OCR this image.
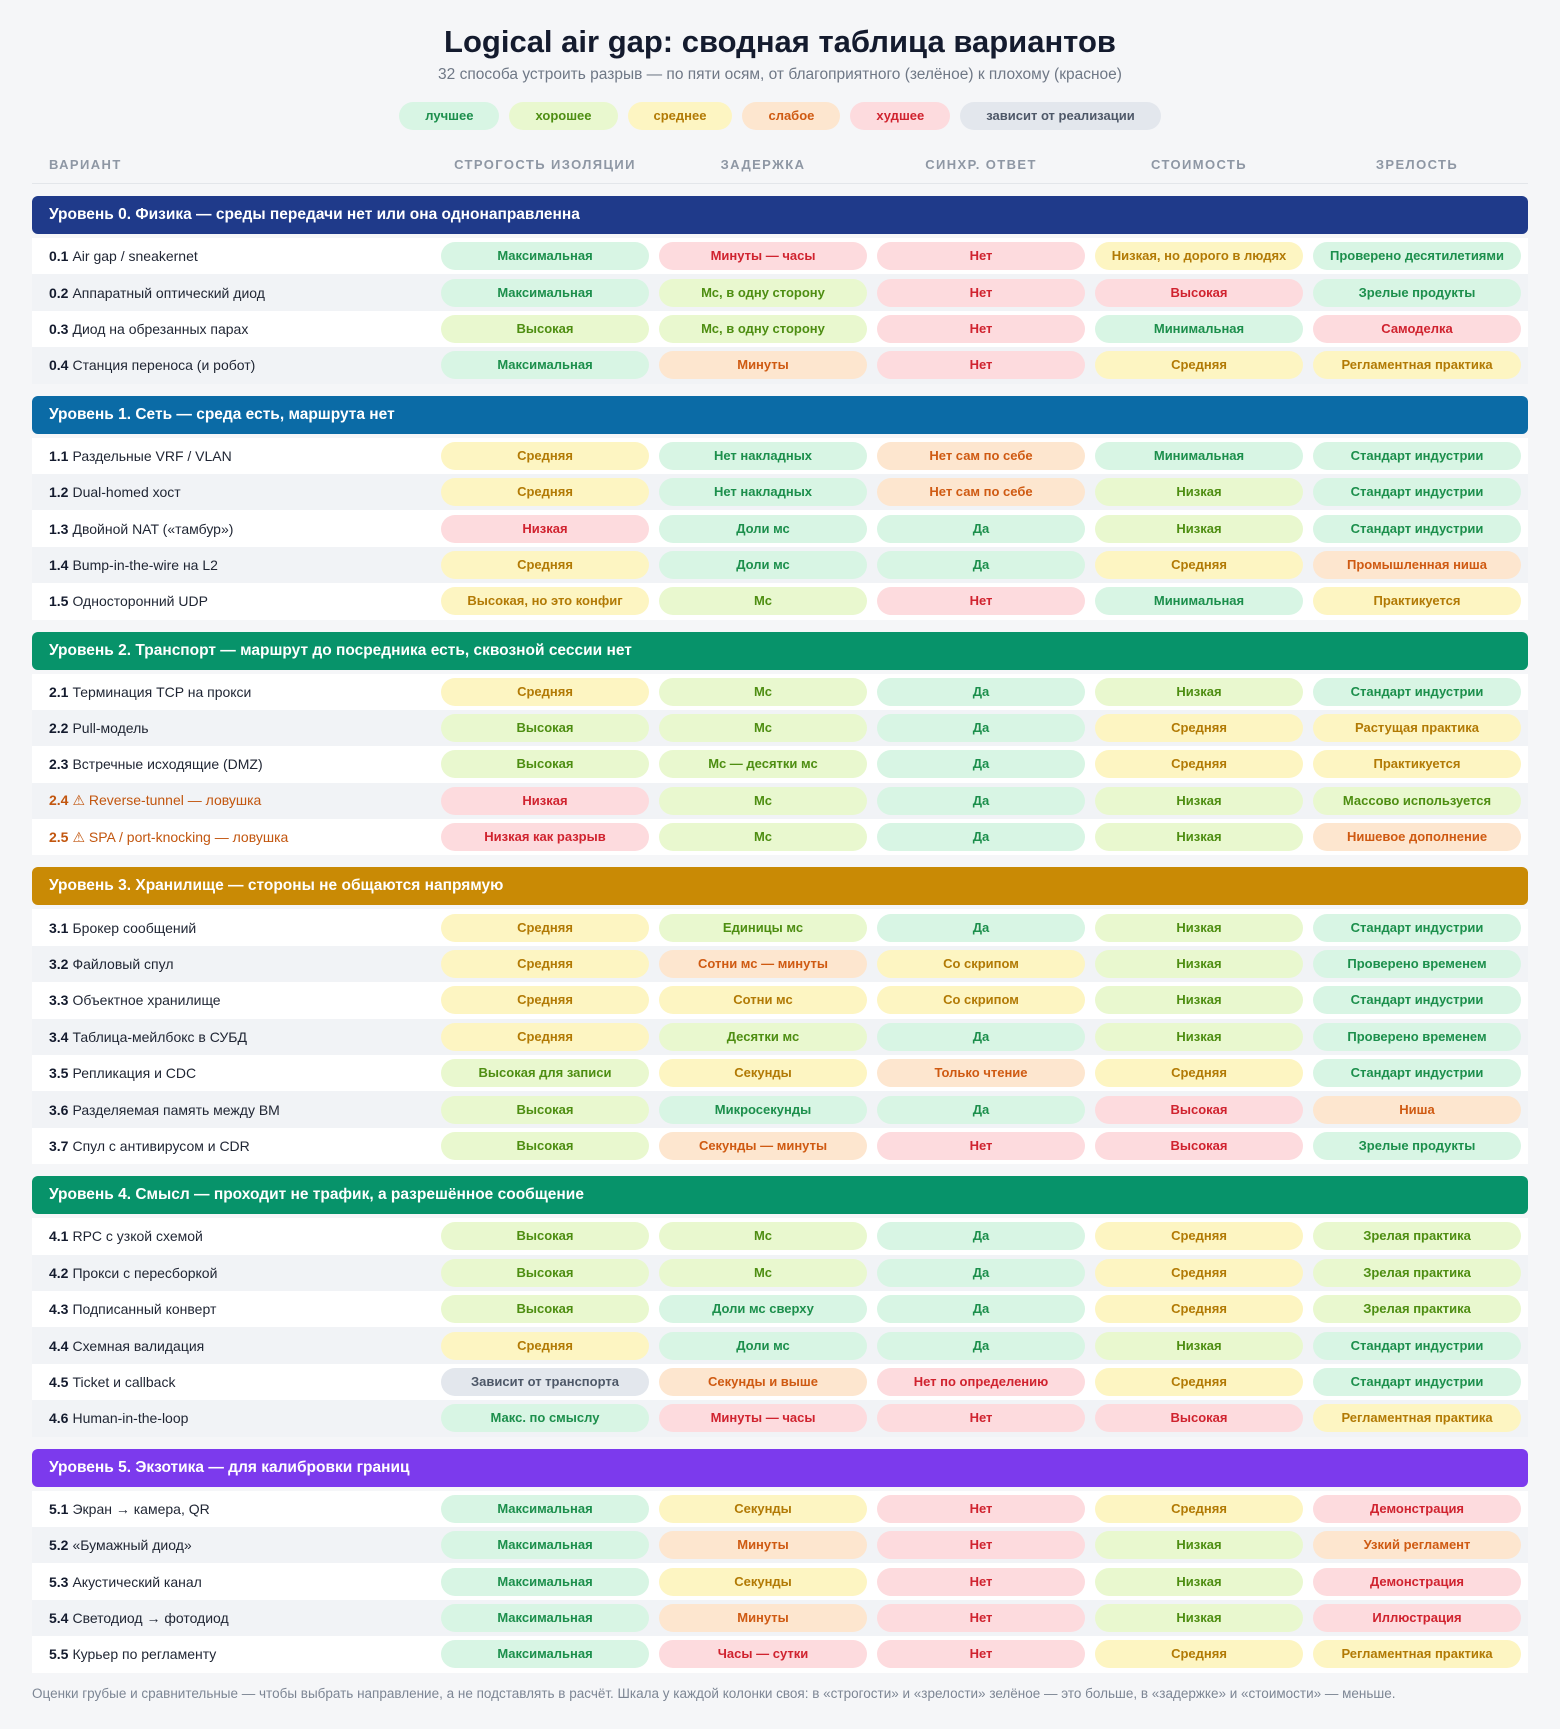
Logical air gap: сводная таблица вариантов
32 способа устроить разрыв — по пяти осям, от благоприятного (зелёное) к плохому (красное)
лучшее	хорошее	среднее	слабое	худшее	зависит от реализации
ВАРИАНТ	СТРОГОСТЬ ИЗОЛЯЦИИ	ЗАДЕРЖКА	СИНХР. ОТВЕТ	СТОИМОСТЬ	ЗРЕЛОСТЬ
Уровень 0. Физика — среды передачи нет или она однонаправленна
0.1 Air gap / sneakernet	Максимальная	Минуты — часы	Нет	Низкая, но дорого в людях	Проверено десятилетиями
0.2 Аппаратный оптический диод	Максимальная	Мс, в одну сторону	Нет	Высокая	Зрелые продукты
0.3 Диод на обрезанных парах	Высокая	Мс, в одну сторону	Нет	Минимальная	Самоделка
0.4 Станция переноса (и робот)	Максимальная	Минуты	Нет	Средняя	Регламентная практика
Уровень 1. Сеть — среда есть, маршрута нет
1.1 Раздельные VRF / VLAN	Средняя	Нет накладных	Нет сам по себе	Минимальная	Стандарт индустрии
1.2 Dual-homed хост	Средняя	Нет накладных	Нет сам по себе	Низкая	Стандарт индустрии
1.3 Двойной NAT («тамбур»)	Низкая	Доли мс	Да	Низкая	Стандарт индустрии
1.4 Bump-in-the-wire на L2	Средняя	Доли мс	Да	Средняя	Промышленная ниша
1.5 Односторонний UDP	Высокая, но это конфиг	Мс	Нет	Минимальная	Практикуется
Уровень 2. Транспорт — маршрут до посредника есть, сквозной сессии нет
2.1 Терминация TCP на прокси	Средняя	Мс	Да	Низкая	Стандарт индустрии
2.2 Pull-модель	Высокая	Мс	Да	Средняя	Растущая практика
2.3 Встречные исходящие (DMZ)	Высокая	Мс — десятки мс	Да	Средняя	Практикуется
2.4 ⚠ Reverse-tunnel — ловушка	Низкая	Мс	Да	Низкая	Массово используется
2.5 ⚠ SPA / port-knocking — ловушка	Низкая как разрыв	Мс	Да	Низкая	Нишевое дополнение
Уровень 3. Хранилище — стороны не общаются напрямую
3.1 Брокер сообщений	Средняя	Единицы мс	Да	Низкая	Стандарт индустрии
3.2 Файловый спул	Средняя	Сотни мс — минуты	Со скрипом	Низкая	Проверено временем
3.3 Объектное хранилище	Средняя	Сотни мс	Со скрипом	Низкая	Стандарт индустрии
3.4 Таблица-мейлбокс в СУБД	Средняя	Десятки мс	Да	Низкая	Проверено временем
3.5 Репликация и CDC	Высокая для записи	Секунды	Только чтение	Средняя	Стандарт индустрии
3.6 Разделяемая память между ВМ	Высокая	Микросекунды	Да	Высокая	Ниша
3.7 Спул с антивирусом и CDR	Высокая	Секунды — минуты	Нет	Высокая	Зрелые продукты
Уровень 4. Смысл — проходит не трафик, а разрешённое сообщение
4.1 RPC с узкой схемой	Высокая	Мс	Да	Средняя	Зрелая практика
4.2 Прокси с пересборкой	Высокая	Мс	Да	Средняя	Зрелая практика
4.3 Подписанный конверт	Высокая	Доли мс сверху	Да	Средняя	Зрелая практика
4.4 Схемная валидация	Средняя	Доли мс	Да	Низкая	Стандарт индустрии
4.5 Ticket и callback	Зависит от транспорта	Секунды и выше	Нет по определению	Средняя	Стандарт индустрии
4.6 Human-in-the-loop	Макс. по смыслу	Минуты — часы	Нет	Высокая	Регламентная практика
Уровень 5. Экзотика — для калибровки границ
5.1 Экран → камера, QR	Максимальная	Секунды	Нет	Средняя	Демонстрация
5.2 «Бумажный диод»	Максимальная	Минуты	Нет	Низкая	Узкий регламент
5.3 Акустический канал	Максимальная	Секунды	Нет	Низкая	Демонстрация
5.4 Светодиод → фотодиод	Максимальная	Минуты	Нет	Низкая	Иллюстрация
5.5 Курьер по регламенту	Максимальная	Часы — сутки	Нет	Средняя	Регламентная практика
Оценки грубые и сравнительные — чтобы выбрать направление, а не подставлять в расчёт. Шкала у каждой колонки своя: в «строгости» и «зрелости» зелёное — это больше, в «задержке» и «стоимости» — меньше.
